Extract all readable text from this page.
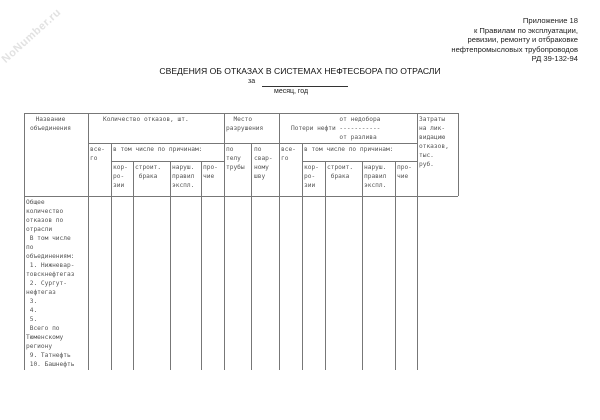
NoNumber.ru	Приложение 18
к Правилам по эксплуатации,
ревизии, ремонту и отбраковке
нефтепромысловых трубопроводов
РД 39-132-94
СВЕДЕНИЯ ОБ ОТКАЗАХ В СИСТЕМАХ НЕФТЕСБОРА ПО ОТРАСЛИ
за
месяц, год
Название
объединения
Количество отказов, шт.
все-
го
в том числе по причинам:
кор-
ро-
зии
строит.
брака
наруш.
правил
экспл.
про-
чие
Место
разрушения
по
телу
трубы
по
свар-
ному
шву
от недобора
Потери нефти -----------
от разлива
все-
го
в том числе по причинам:
кор-
ро-
зии
строит.
брака
наруш.
правил
экспл.
про-
чие
Затраты
на лик-
видацию
отказов,
тыс.
руб.
Общее
количество
отказов по
отрасли
В том числе
по
объединениям:
1. Нижневар-
товскнефтегаз
2. Сургут-
нефтегаз
3.
4.
5.
Всего по
Тюменскому
региону
9. Татнефть
10. Башнефть
